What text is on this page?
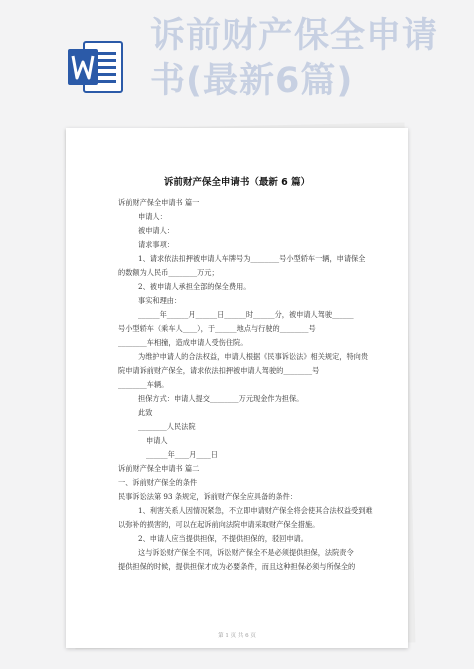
诉前财产保全申请
书(最新6篇)
诉前财产保全申请书（最新 6 篇）
诉前财产保全申请书 篇一
申请人：
被申请人：
请求事项：
1、请求依法扣押被申请人车牌号为________号小型轿车一辆，申请保全
的数额为人民币________万元；
2、被申请人承担全部的保全费用。
事实和理由：
______年______月______日______时______分，被申请人驾驶______
号小型轿车（乘车人____），于______地点与行驶的________号
________车相撞，造成申请人受伤住院。
为维护申请人的合法权益，申请人根据《民事诉讼法》相关规定，特向贵
院申请诉前财产保全，请求依法扣押被申请人驾驶的________号
________车辆。
担保方式：申请人提交________万元现金作为担保。
此致
________人民法院
申请人
______年____月____日
诉前财产保全申请书 篇二
一、诉前财产保全的条件
民事诉讼法第 93 条规定，诉前财产保全应具备的条件：
1、利害关系人因情况紧急，不立即申请财产保全将会使其合法权益受到难
以弥补的损害的，可以在起诉前向法院申请采取财产保全措施。
2、申请人应当提供担保，不提供担保的，驳回申请。
这与诉讼财产保全不同，诉讼财产保全不是必须提供担保，法院责令
提供担保的时候，提供担保才成为必要条件，而且这种担保必须与所保全的
第 1 页 共 6 页
